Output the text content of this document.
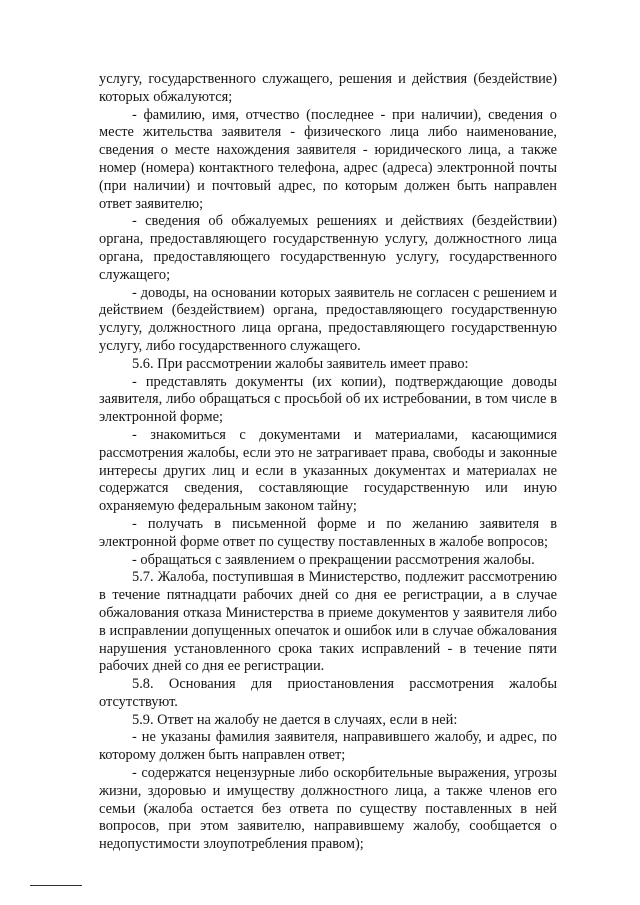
услугу, государственного служащего, решения и действия (бездействие) которых обжалуются;

- фамилию, имя, отчество (последнее - при наличии), сведения о месте жительства заявителя - физического лица либо наименование, сведения о месте нахождения заявителя - юридического лица, а также номер (номера) контактного телефона, адрес (адреса) электронной почты (при наличии) и почтовый адрес, по которым должен быть направлен ответ заявителю;

- сведения об обжалуемых решениях и действиях (бездействии) органа, предоставляющего государственную услугу, должностного лица органа, предоставляющего государственную услугу, государственного служащего;

- доводы, на основании которых заявитель не согласен с решением и действием (бездействием) органа, предоставляющего государственную услугу, должностного лица органа, предоставляющего государственную услугу, либо государственного служащего.

5.6. При рассмотрении жалобы заявитель имеет право:

- представлять документы (их копии), подтверждающие доводы заявителя, либо обращаться с просьбой об их истребовании, в том числе в электронной форме;

- знакомиться с документами и материалами, касающимися рассмотрения жалобы, если это не затрагивает права, свободы и законные интересы других лиц и если в указанных документах и материалах не содержатся сведения, составляющие государственную или иную охраняемую федеральным законом тайну;

- получать в письменной форме и по желанию заявителя в электронной форме ответ по существу поставленных в жалобе вопросов;

- обращаться с заявлением о прекращении рассмотрения жалобы.

5.7. Жалоба, поступившая в Министерство, подлежит рассмотрению в течение пятнадцати рабочих дней со дня ее регистрации, а в случае обжалования отказа Министерства в приеме документов у заявителя либо в исправлении допущенных опечаток и ошибок или в случае обжалования нарушения установленного срока таких исправлений - в течение пяти рабочих дней со дня ее регистрации.

5.8. Основания для приостановления рассмотрения жалобы отсутствуют.

5.9. Ответ на жалобу не дается в случаях, если в ней:

- не указаны фамилия заявителя, направившего жалобу, и адрес, по которому должен быть направлен ответ;

- содержатся нецензурные либо оскорбительные выражения, угрозы жизни, здоровью и имуществу должностного лица, а также членов его семьи (жалоба остается без ответа по существу поставленных в ней вопросов, при этом заявителю, направившему жалобу, сообщается о недопустимости злоупотребления правом);
